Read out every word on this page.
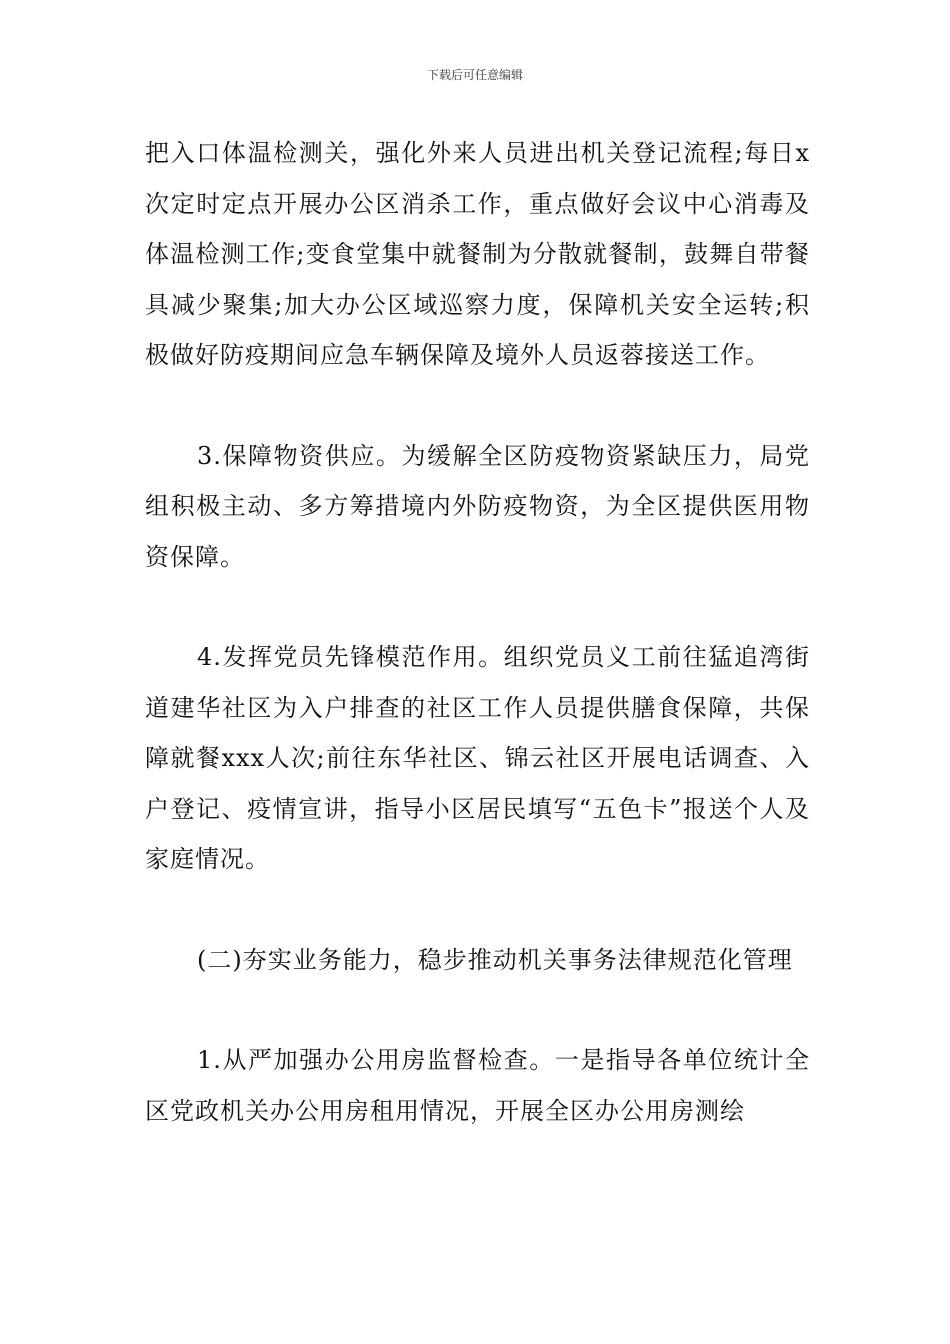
下载后可任意编辑

把入口体温检测关，强化外来人员进出机关登记流程;每日x次定时定点开展办公区消杀工作，重点做好会议中心消毒及体温检测工作;变食堂集中就餐制为分散就餐制，鼓舞自带餐具减少聚集;加大办公区域巡察力度，保障机关安全运转;积极做好防疫期间应急车辆保障及境外人员返蓉接送工作。

3.保障物资供应。为缓解全区防疫物资紧缺压力，局党组积极主动、多方筹措境内外防疫物资，为全区提供医用物资保障。

4.发挥党员先锋模范作用。组织党员义工前往猛追湾街道建华社区为入户排查的社区工作人员提供膳食保障，共保障就餐xxx人次;前往东华社区、锦云社区开展电话调查、入户登记、疫情宣讲，指导小区居民填写“五色卡”报送个人及家庭情况。

(二)夯实业务能力，稳步推动机关事务法律规范化管理

1.从严加强办公用房监督检查。一是指导各单位统计全区党政机关办公用房租用情况，开展全区办公用房测绘
